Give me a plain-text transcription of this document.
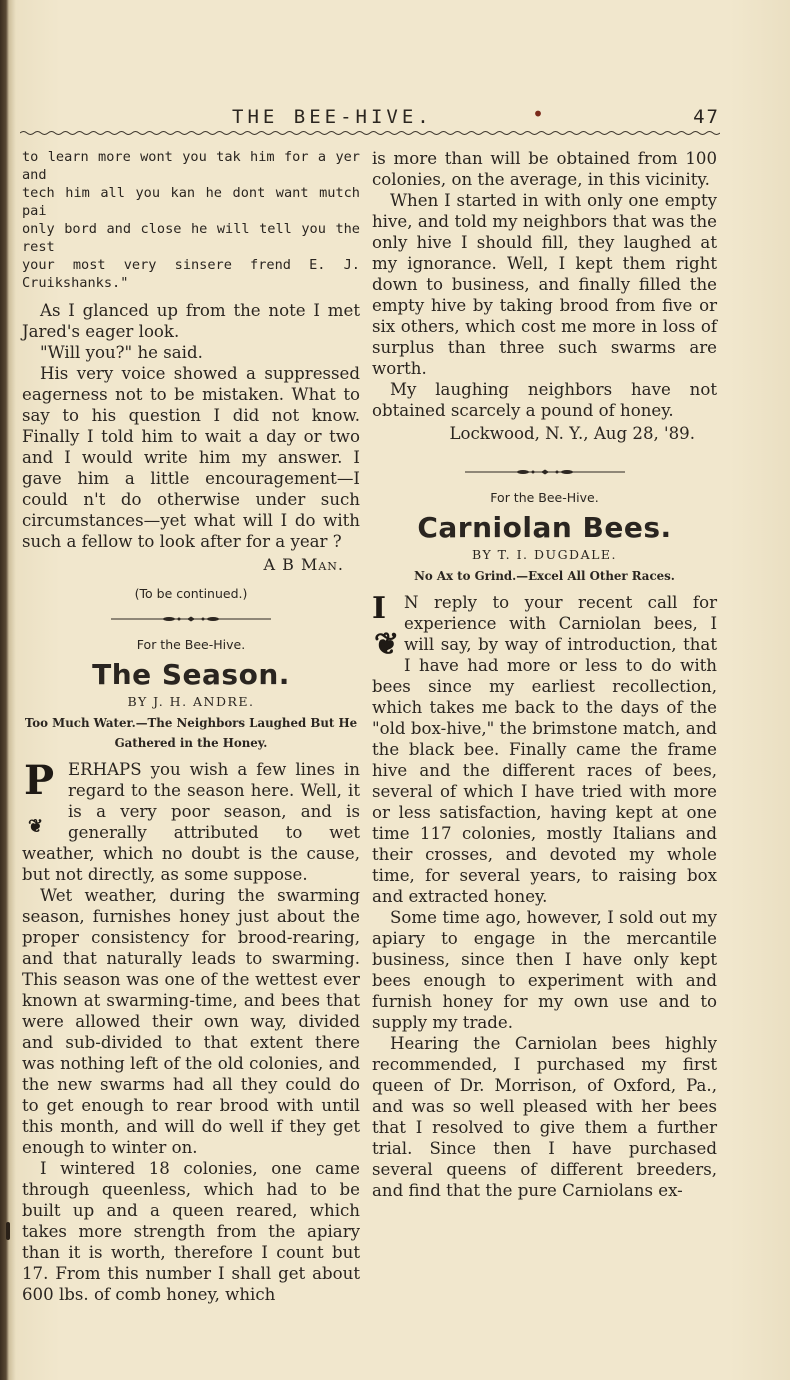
THE BEE-HIVE.	•	47

to learn more wont you tak him for a yer and

tech him all you kan he dont want mutch pai

only bord and close he will tell you the rest

your most very sinsere frend E. J. Cruikshanks."

As I glanced up from the note I met Jared's eager look.

"Will you?" he said.

His very voice showed a suppressed eagerness not to be mistaken. What to say to his question I did not know. Finally I told him to wait a day or two and I would write him my answer. I gave him a little encouragement—I could n't do otherwise under such circumstances—yet what will I do with such a fellow to look after for a year ?

A B Man.

(To be continued.)

For the Bee-Hive.

The Season.

BY J. H. ANDRE.

Too Much Water.—The Neighbors Laughed But He Gathered in the Honey.

P
❦

ERHAPS you wish a few lines in regard to the season here. Well, it is a very poor season, and is generally attributed to wet weather, which no doubt is the cause, but not directly, as some suppose.

Wet weather, during the swarming season, furnishes honey just about the proper consistency for brood-rearing, and that naturally leads to swarming. This season was one of the wettest ever known at swarming-time, and bees that were allowed their own way, divided and sub-divided to that extent there was nothing left of the old colonies, and the new swarms had all they could do to get enough to rear brood with until this month, and will do well if they get enough to winter on.

I wintered 18 colonies, one came through queenless, which had to be built up and a queen reared, which takes more strength from the apiary than it is worth, therefore I count but 17. From this number I shall get about 600 lbs. of comb honey, which

is more than will be obtained from 100 colonies, on the average, in this vicinity.

When I started in with only one empty hive, and told my neighbors that was the only hive I should fill, they laughed at my ignorance. Well, I kept them right down to business, and finally filled the empty hive by taking brood from five or six others, which cost me more in loss of surplus than three such swarms are worth.

My laughing neighbors have not obtained scarcely a pound of honey.

Lockwood, N. Y., Aug 28, '89.

For the Bee-Hive.

Carniolan Bees.

BY T. I. DUGDALE.

No Ax to Grind.—Excel All Other Races.

I
❦

N reply to your recent call for experience with Carniolan bees, I will say, by way of introduction, that I have had more or less to do with bees since my earliest recollection, which takes me back to the days of the "old box-hive," the brimstone match, and the black bee. Finally came the frame hive and the different races of bees, several of which I have tried with more or less satisfaction, having kept at one time 117 colonies, mostly Italians and their crosses, and devoted my whole time, for several years, to raising box and extracted honey.

Some time ago, however, I sold out my apiary to engage in the mercantile business, since then I have only kept bees enough to experiment with and furnish honey for my own use and to supply my trade.

Hearing the Carniolan bees highly recommended, I purchased my first queen of Dr. Morrison, of Oxford, Pa., and was so well pleased with her bees that I resolved to give them a further trial. Since then I have purchased several queens of different breeders, and find that the pure Carniolans ex-
